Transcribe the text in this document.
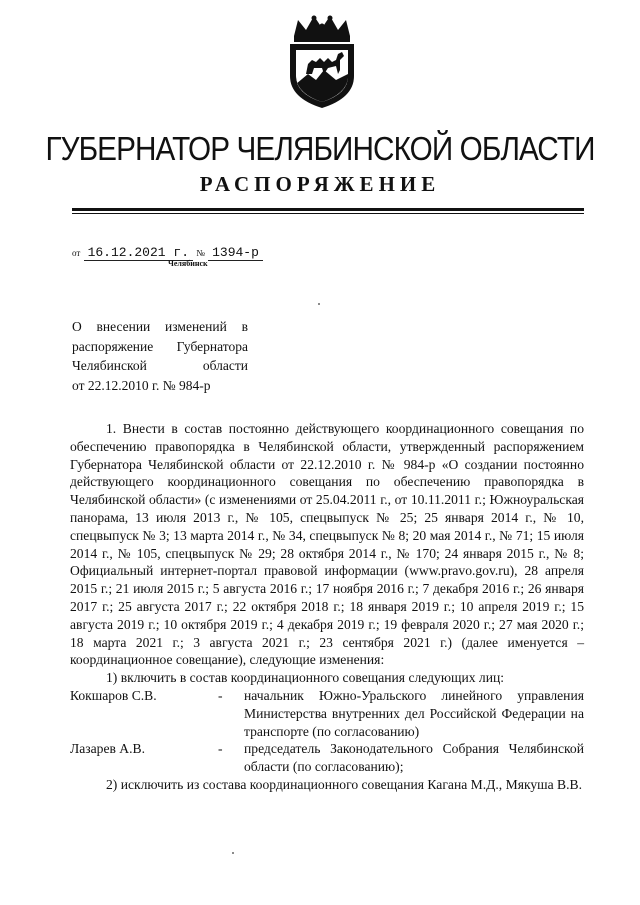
ГУБЕРНАТОР ЧЕЛЯБИНСКОЙ ОБЛАСТИ
РАСПОРЯЖЕНИЕ
от 16.12.2021 г. № 1394-р
Челябинск
О внесении изменений в
распоряжение Губернатора
Челябинской области
от 22.12.2010 г. № 984-р

1. Внести в состав постоянно действующего координационного совещания по обеспечению правопорядка в Челябинской области, утвержденный распоряжением Губернатора Челябинской области от 22.12.2010 г. № 984-р «О создании постоянно действующего координационного совещания по обеспечению правопорядка в Челябинской области» (с изменениями от 25.04.2011 г., от 10.11.2011 г.; Южноуральская панорама, 13 июля 2013 г., № 105, спецвыпуск № 25; 25 января 2014 г., № 10, спецвыпуск № 3; 13 марта 2014 г., № 34, спецвыпуск № 8; 20 мая 2014 г., № 71; 15 июля 2014 г., № 105, спецвыпуск № 29; 28 октября 2014 г., № 170; 24 января 2015 г., № 8; Официальный интернет-портал правовой информации (www.pravo.gov.ru), 28 апреля 2015 г.; 21 июля 2015 г.; 5 августа 2016 г.; 17 ноября 2016 г.; 7 декабря 2016 г.; 26 января 2017 г.; 25 августа 2017 г.; 22 октября 2018 г.; 18 января 2019 г.; 10 апреля 2019 г.; 15 августа 2019 г.; 10 октября 2019 г.; 4 декабря 2019 г.; 19 февраля 2020 г.; 27 мая 2020 г.; 18 марта 2021 г.; 3 августа 2021 г.; 23 сентября 2021 г.) (далее именуется – координационное совещание), следующие изменения:

1) включить в состав координационного совещания следующих лиц:

Кокшаров С.В.	-	начальник Южно-Уральского линейного управления Министерства внутренних дел Российской Федерации на транспорте (по согласованию)
Лазарев А.В.	-	председатель Законодательного Собрания Челябинской области (по согласованию);

2) исключить из состава координационного совещания Кагана М.Д., Мякуша В.В.
